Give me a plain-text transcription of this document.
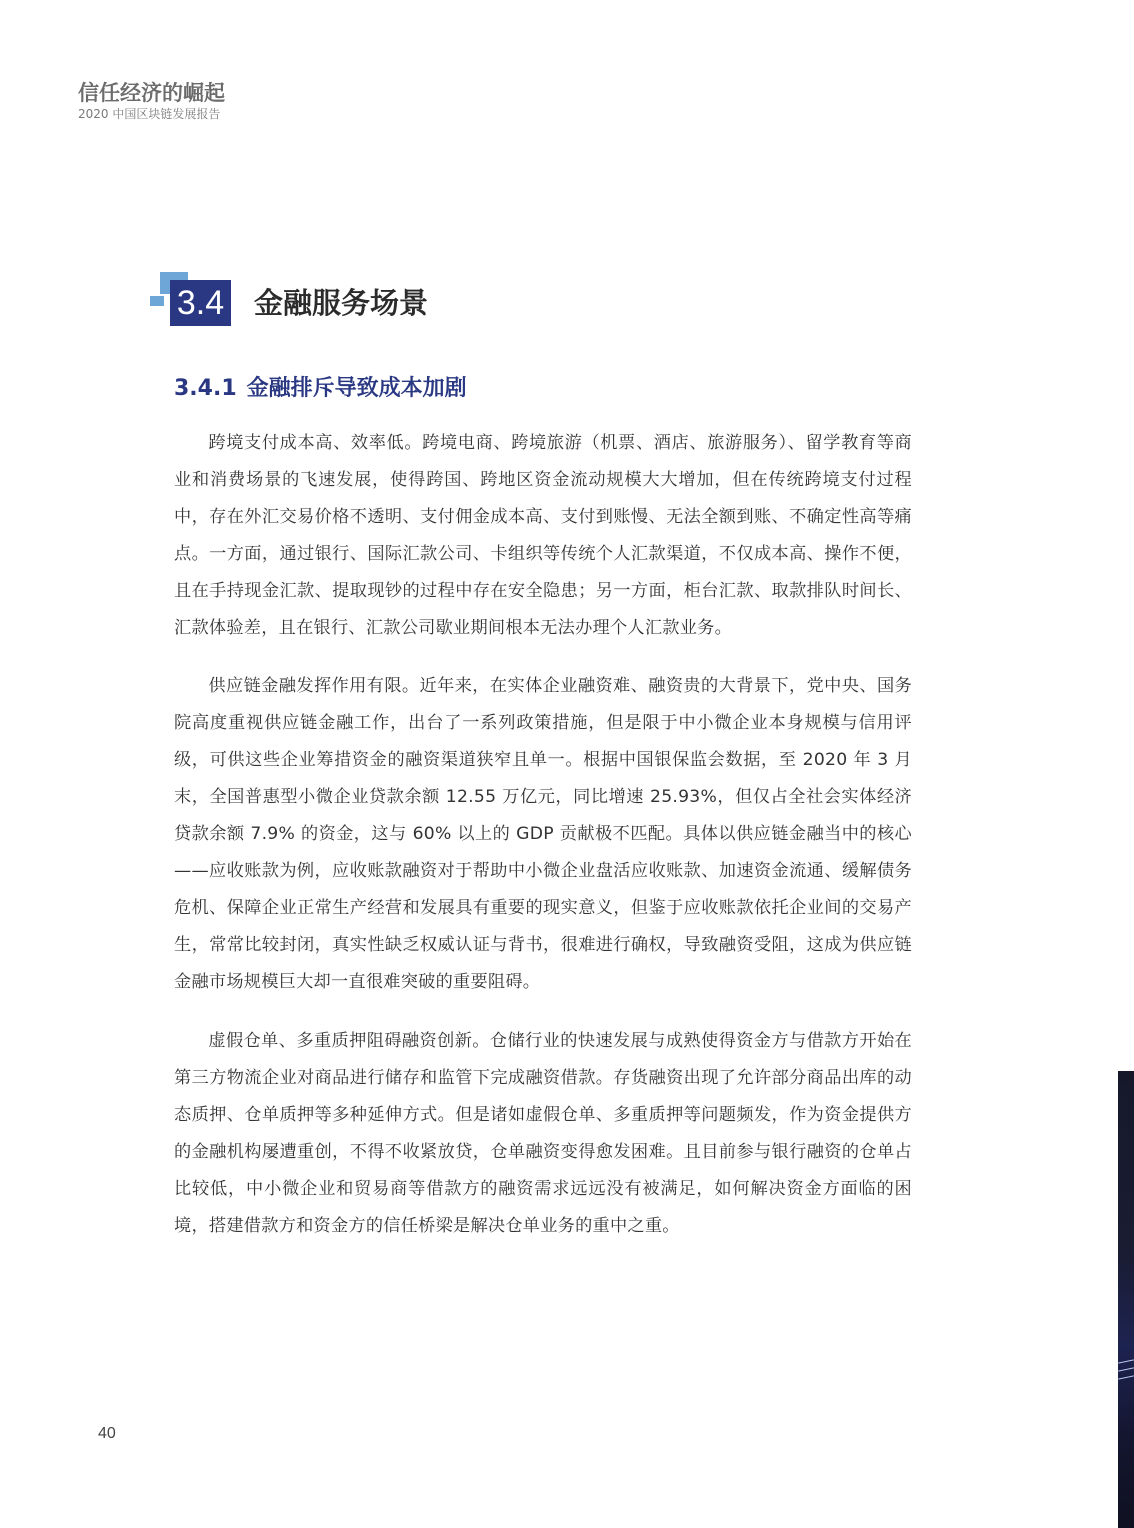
信任经济的崛起
2020 中国区块链发展报告
3.4 金融服务场景
3.4.1 金融排斥导致成本加剧

跨境支付成本高、效率低。跨境电商、跨境旅游（机票、酒店、旅游服务）、留学教育等商业和消费场景的飞速发展，使得跨国、跨地区资金流动规模大大增加，但在传统跨境支付过程中，存在外汇交易价格不透明、支付佣金成本高、支付到账慢、无法全额到账、不确定性高等痛点。一方面，通过银行、国际汇款公司、卡组织等传统个人汇款渠道，不仅成本高、操作不便，且在手持现金汇款、提取现钞的过程中存在安全隐患；另一方面，柜台汇款、取款排队时间长、汇款体验差，且在银行、汇款公司歇业期间根本无法办理个人汇款业务。

供应链金融发挥作用有限。近年来，在实体企业融资难、融资贵的大背景下，党中央、国务院高度重视供应链金融工作，出台了一系列政策措施，但是限于中小微企业本身规模与信用评级，可供这些企业筹措资金的融资渠道狭窄且单一。根据中国银保监会数据，至 2020 年 3 月末，全国普惠型小微企业贷款余额 12.55 万亿元，同比增速 25.93%，但仅占全社会实体经济贷款余额 7.9% 的资金，这与 60% 以上的 GDP 贡献极不匹配。具体以供应链金融当中的核心——应收账款为例，应收账款融资对于帮助中小微企业盘活应收账款、加速资金流通、缓解债务危机、保障企业正常生产经营和发展具有重要的现实意义，但鉴于应收账款依托企业间的交易产生，常常比较封闭，真实性缺乏权威认证与背书，很难进行确权，导致融资受阻，这成为供应链金融市场规模巨大却一直很难突破的重要阻碍。

虚假仓单、多重质押阻碍融资创新。仓储行业的快速发展与成熟使得资金方与借款方开始在第三方物流企业对商品进行储存和监管下完成融资借款。存货融资出现了允许部分商品出库的动态质押、仓单质押等多种延伸方式。但是诸如虚假仓单、多重质押等问题频发，作为资金提供方的金融机构屡遭重创，不得不收紧放贷，仓单融资变得愈发困难。且目前参与银行融资的仓单占比较低，中小微企业和贸易商等借款方的融资需求远远没有被满足，如何解决资金方面临的困境，搭建借款方和资金方的信任桥梁是解决仓单业务的重中之重。

40
